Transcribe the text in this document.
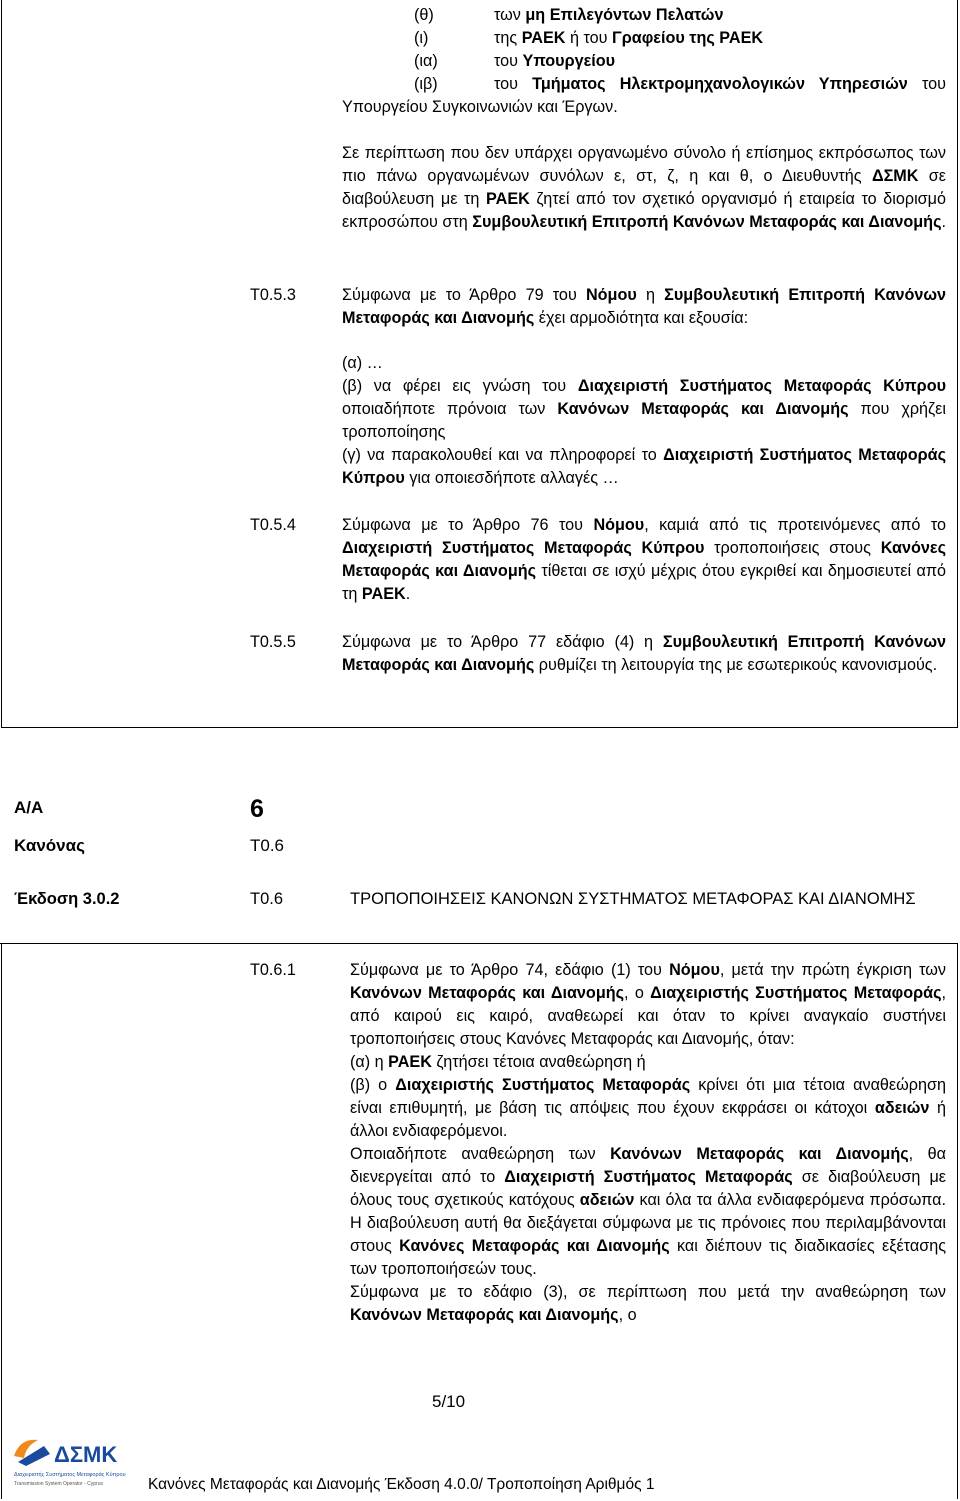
(θ)	των μη Επιλεγόντων Πελατών
(ι)	της ΡΑΕΚ ή του Γραφείου της ΡΑΕΚ
(ια)	του Υπουργείου
(ιβ)	του Τμήματος Ηλεκτρομηχανολογικών Υπηρεσιών του Υπουργείου Συγκοινωνιών και Έργων.

Σε περίπτωση που δεν υπάρχει οργανωμένο σύνολο ή επίσημος εκπρόσωπος των πιο πάνω οργανωμένων συνόλων ε, στ, ζ, η και θ, ο Διευθυντής ΔΣΜΚ σε διαβούλευση με τη ΡΑΕΚ ζητεί από τον σχετικό οργανισμό ή εταιρεία το διορισμό εκπροσώπου στη Συμβουλευτική Επιτροπή Κανόνων Μεταφοράς και Διανομής.

T0.5.3	Σύμφωνα με το Άρθρο 79 του Νόμου η Συμβουλευτική Επιτροπή Κανόνων Μεταφοράς και Διανομής έχει αρμοδιότητα και εξουσία:

(α) …

(β) να φέρει εις γνώση του Διαχειριστή Συστήματος Μεταφοράς Κύπρου οποιαδήποτε πρόνοια των Κανόνων Μεταφοράς και Διανομής που χρήζει τροποποίησης

(γ) να παρακολουθεί και να πληροφορεί το Διαχειριστή Συστήματος Μεταφοράς Κύπρου για οποιεσδήποτε αλλαγές …

T0.5.4	Σύμφωνα με το Άρθρο 76 του Νόμου, καμιά από τις προτεινόμενες από το Διαχειριστή Συστήματος Μεταφοράς Κύπρου τροποποιήσεις στους Κανόνες Μεταφοράς και Διανομής τίθεται σε ισχύ μέχρις ότου εγκριθεί και δημοσιευτεί από τη ΡΑΕΚ.

T0.5.5	Σύμφωνα με το Άρθρο 77 εδάφιο (4) η Συμβουλευτική Επιτροπή Κανόνων Μεταφοράς και Διανομής ρυθμίζει τη λειτουργία της με εσωτερικούς κανονισμούς.

Α/Α	6
Κανόνας	Τ0.6
Έκδοση 3.0.2	Τ0.6	ΤΡΟΠΟΠΟΙΗΣΕΙΣ ΚΑΝΟΝΩΝ ΣΥΣΤΗΜΑΤΟΣ ΜΕΤΑΦΟΡΑΣ ΚΑΙ ΔΙΑΝΟΜΗΣ
Τ0.6.1	Σύμφωνα με το Άρθρο 74, εδάφιο (1) του Νόμου, μετά την πρώτη έγκριση των Κανόνων Μεταφοράς και Διανομής, ο Διαχειριστής Συστήματος Μεταφοράς, από καιρού εις καιρό, αναθεωρεί και όταν το κρίνει αναγκαίο συστήνει τροποποιήσεις στους Κανόνες Μεταφοράς και Διανομής, όταν:

(α) η ΡΑΕΚ ζητήσει τέτοια αναθεώρηση ή

(β) ο Διαχειριστής Συστήματος Μεταφοράς κρίνει ότι μια τέτοια αναθεώρηση είναι επιθυμητή, με βάση τις απόψεις που έχουν εκφράσει οι κάτοχοι αδειών ή άλλοι ενδιαφερόμενοι.

Οποιαδήποτε αναθεώρηση των Κανόνων Μεταφοράς και Διανομής, θα διενεργείται από το Διαχειριστή Συστήματος Μεταφοράς σε διαβούλευση με όλους τους σχετικούς κατόχους αδειών και όλα τα άλλα ενδιαφερόμενα πρόσωπα. Η διαβούλευση αυτή θα διεξάγεται σύμφωνα με τις πρόνοιες που περιλαμβάνονται στους Κανόνες Μεταφοράς και Διανομής και διέπουν τις διαδικασίες εξέτασης των τροποποιήσεών τους.

Σύμφωνα με το εδάφιο (3), σε περίπτωση που μετά την αναθεώρηση των Κανόνων Μεταφοράς και Διανομής, ο

5/10
ΔΣΜΚ
Διαχειριστής Συστήματος Μεταφοράς Κύπρου
Transmission System Operator - Cyprus	Κανόνες Μεταφοράς και Διανομής Έκδοση 4.0.0/ Τροποποίηση Αριθμός 1
